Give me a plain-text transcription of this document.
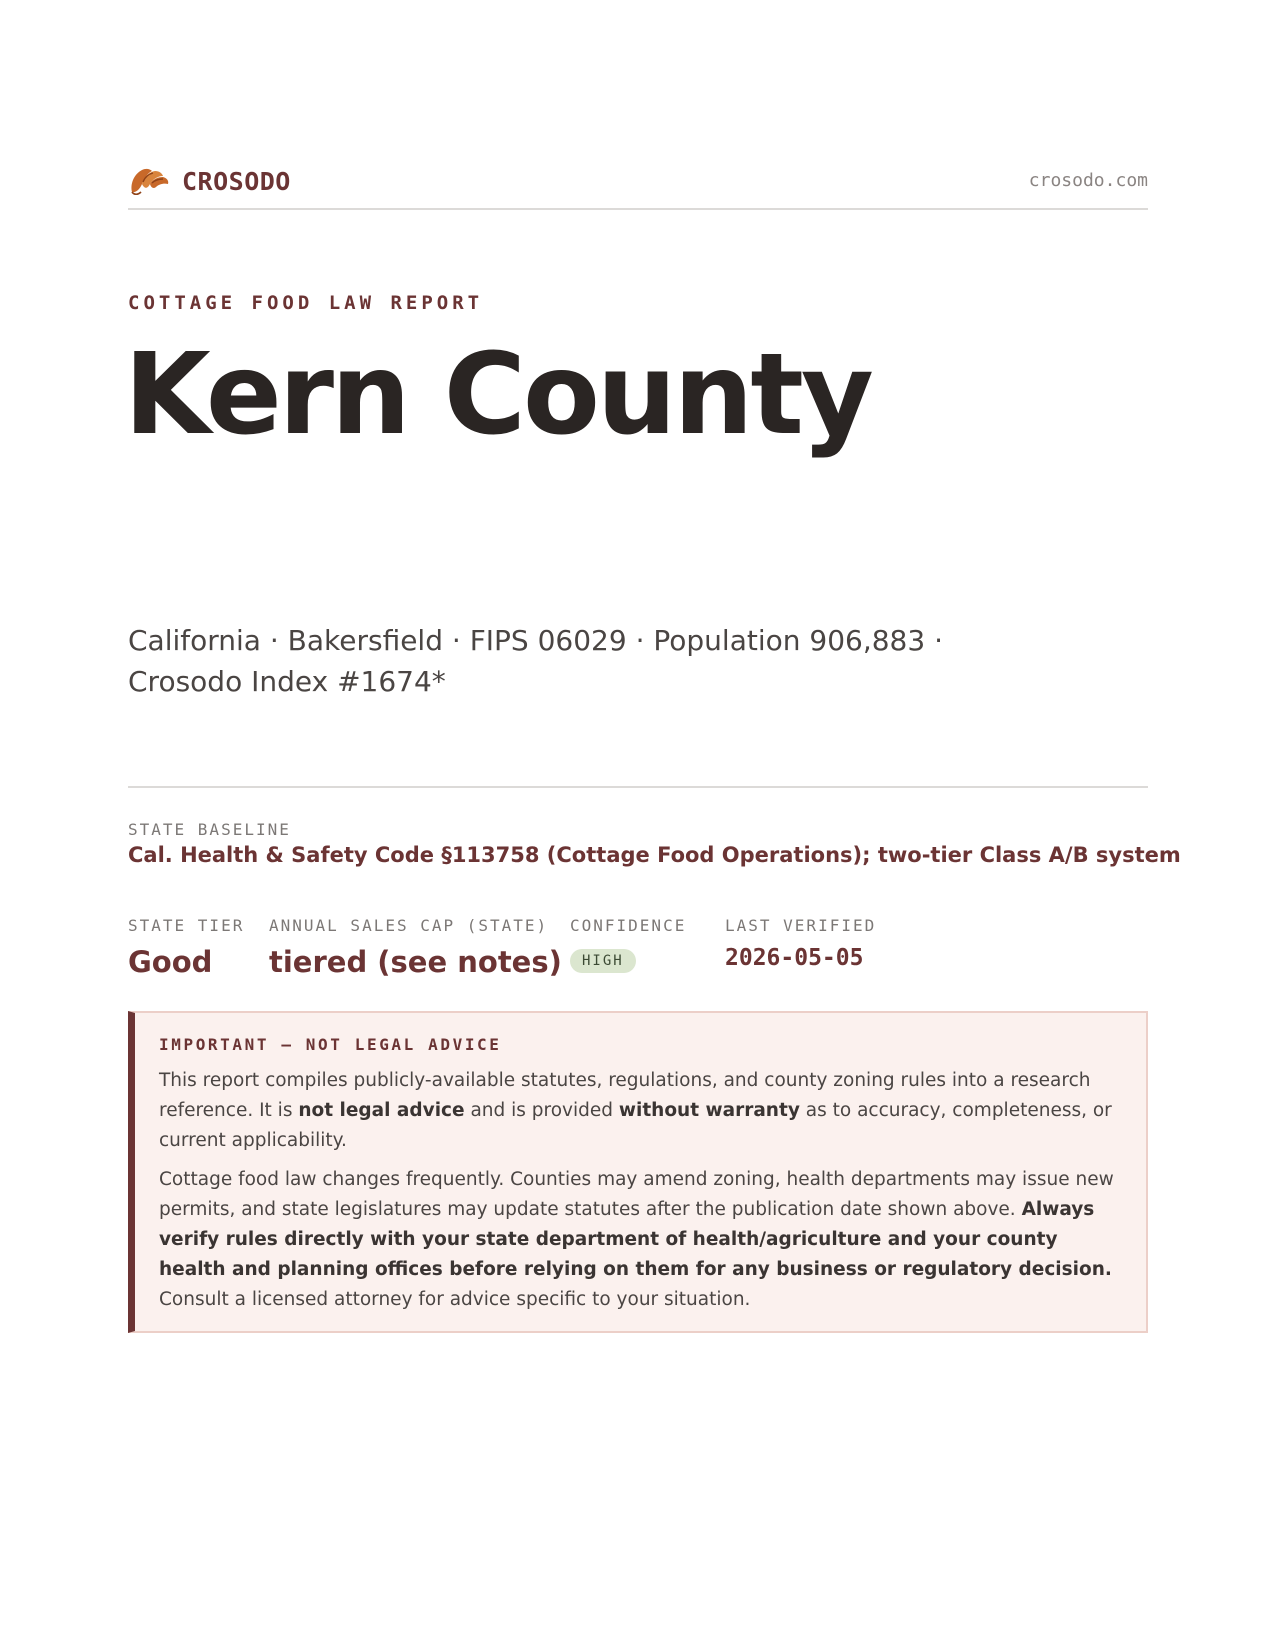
CROSODO	crosodo.com
COTTAGE FOOD LAW REPORT
Kern County
California · Bakersfield · FIPS 06029 · Population 906,883 ·
Crosodo Index #1674*
STATE BASELINE
Cal. Health & Safety Code §113758 (Cottage Food Operations); two-tier Class A/B system
STATE TIER
Good
ANNUAL SALES CAP (STATE)
tiered (see notes)
CONFIDENCE
HIGH
LAST VERIFIED
2026-05-05
IMPORTANT — NOT LEGAL ADVICE

This report compiles publicly-available statutes, regulations, and county zoning rules into a research reference. It is not legal advice and is provided without warranty as to accuracy, completeness, or current applicability.

Cottage food law changes frequently. Counties may amend zoning, health departments may issue new permits, and state legislatures may update statutes after the publication date shown above. Always verify rules directly with your state department of health/agriculture and your county health and planning offices before relying on them for any business or regulatory decision. Consult a licensed attorney for advice specific to your situation.
